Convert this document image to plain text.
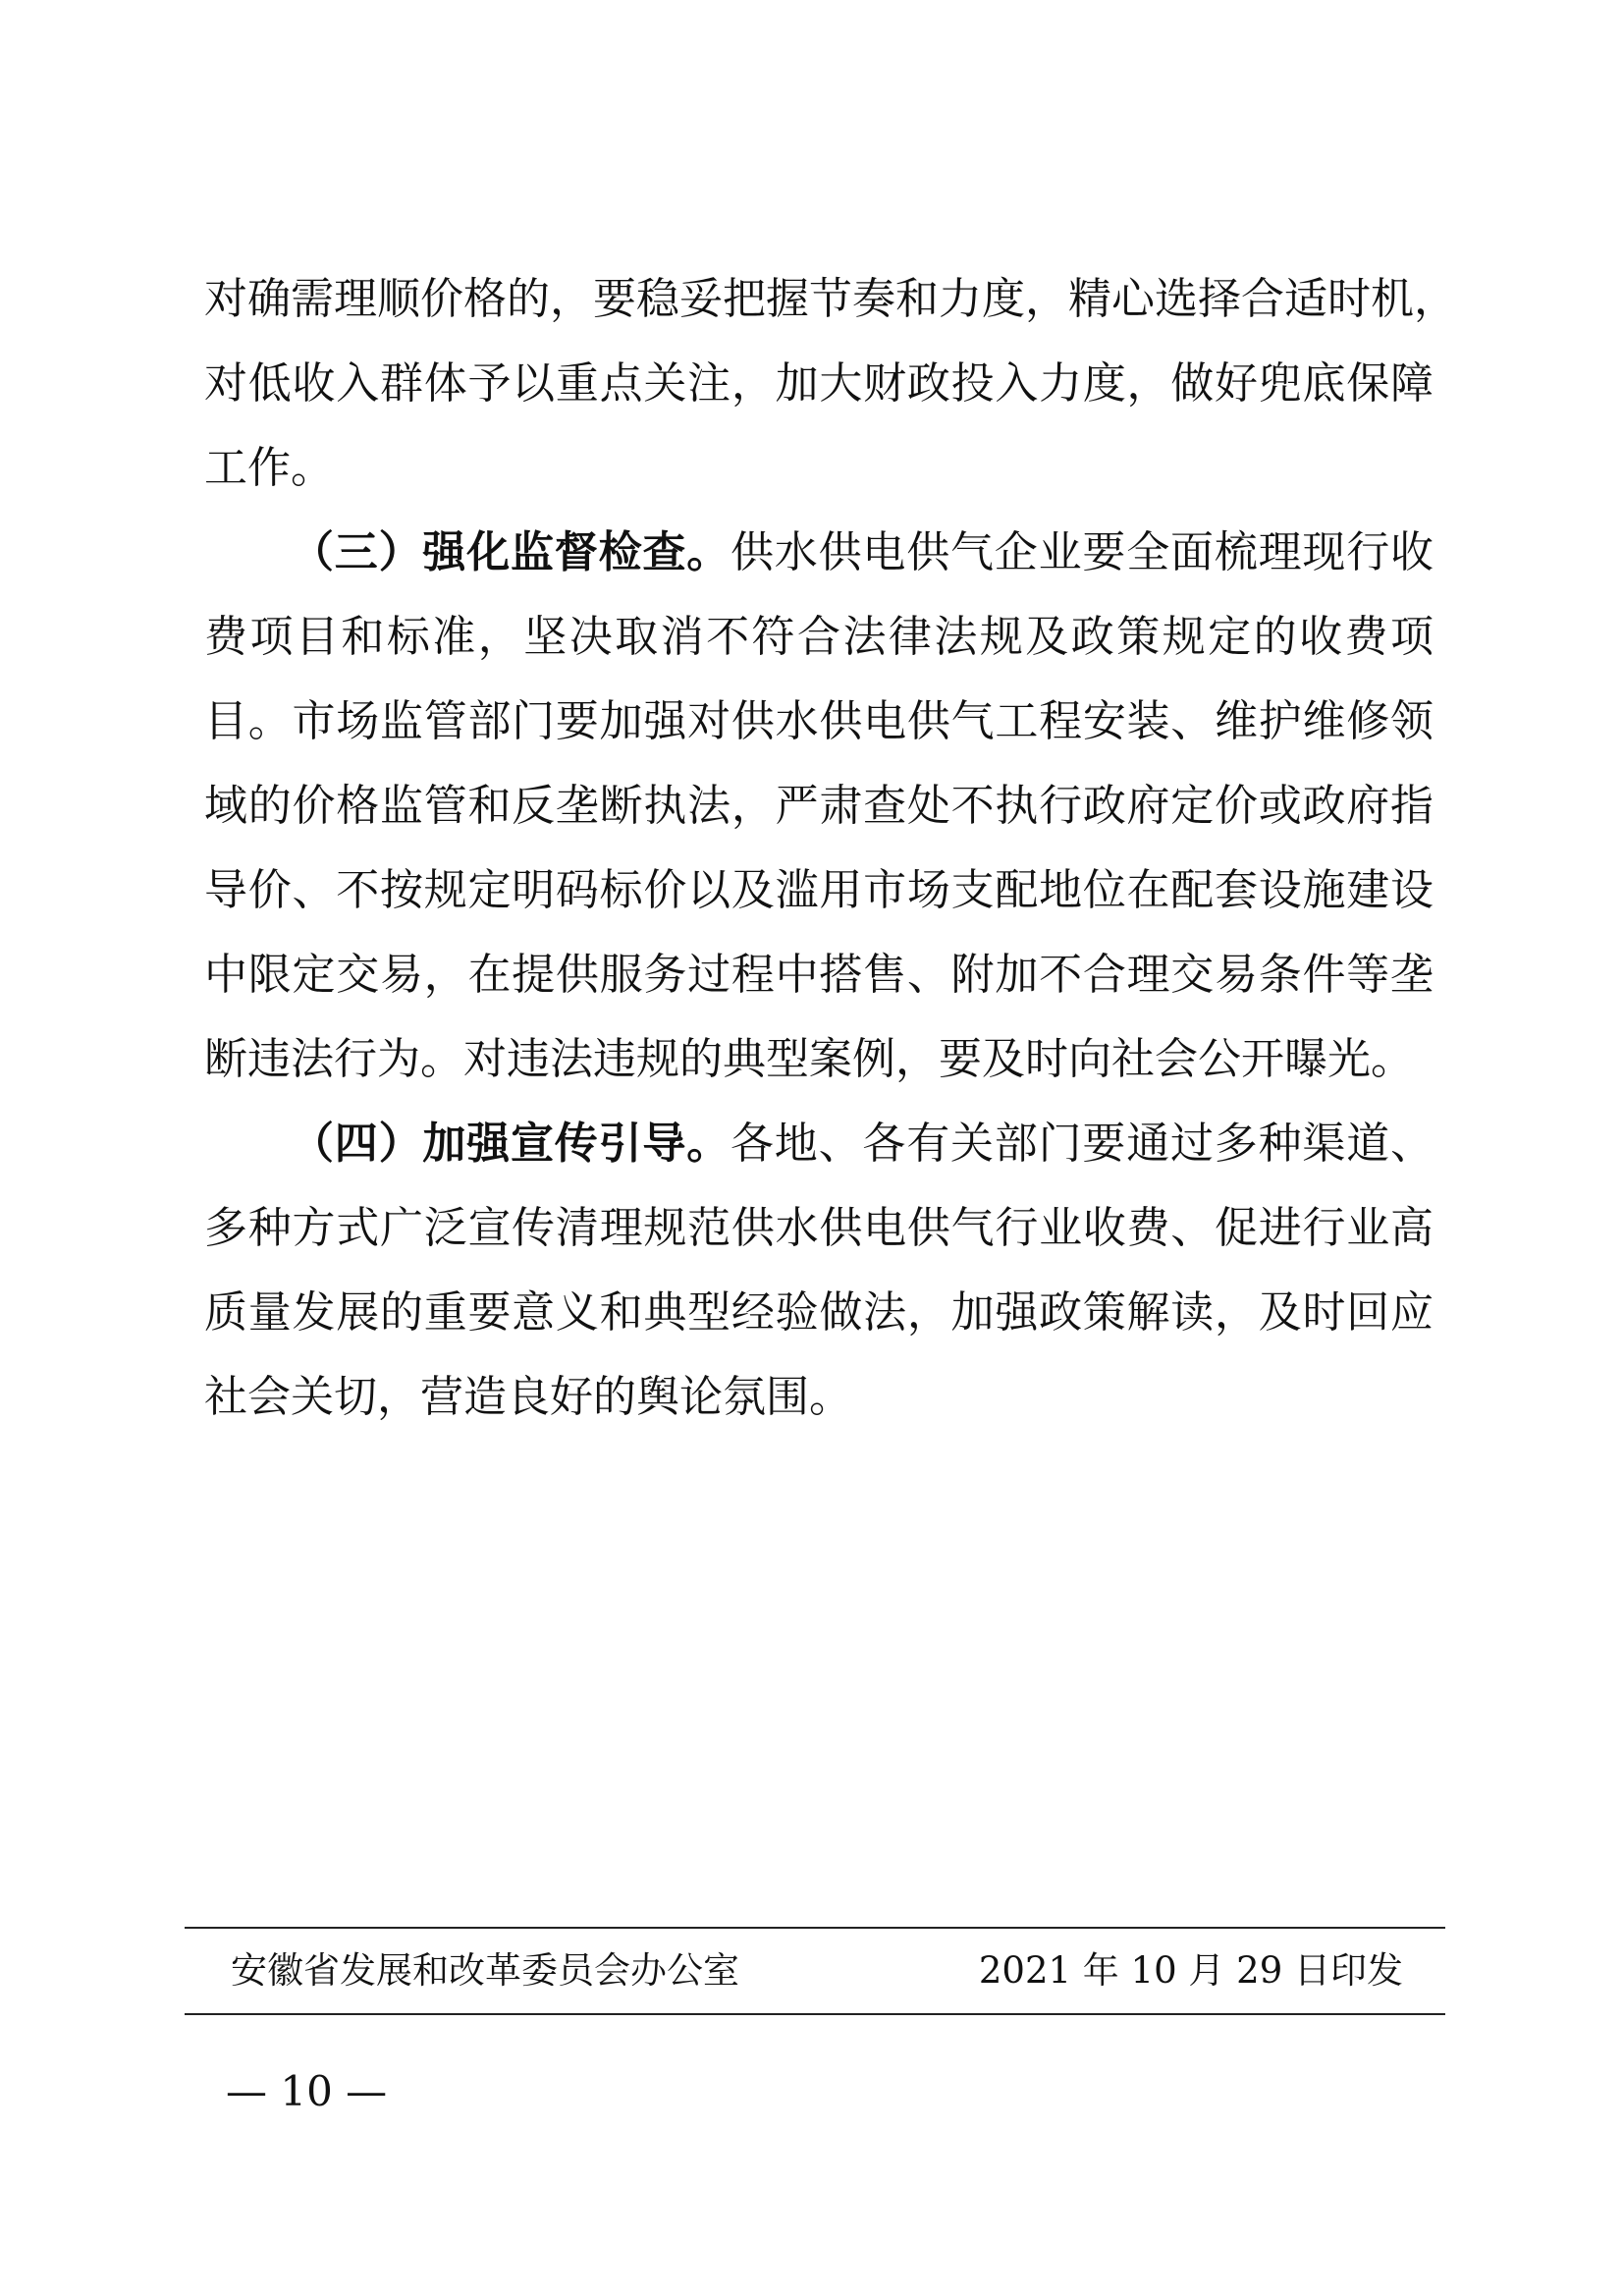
对确需理顺价格的，要稳妥把握节奏和力度，精心选择合适时机，
对低收入群体予以重点关注，加大财政投入力度，做好兜底保障
工作。
（三）强化监督检查。供水供电供气企业要全面梳理现行收
费项目和标准，坚决取消不符合法律法规及政策规定的收费项
目。市场监管部门要加强对供水供电供气工程安装、维护维修领
域的价格监管和反垄断执法，严肃查处不执行政府定价或政府指
导价、不按规定明码标价以及滥用市场支配地位在配套设施建设
中限定交易，在提供服务过程中搭售、附加不合理交易条件等垄
断违法行为。对违法违规的典型案例，要及时向社会公开曝光。
（四）加强宣传引导。各地、各有关部门要通过多种渠道、
多种方式广泛宣传清理规范供水供电供气行业收费、促进行业高
质量发展的重要意义和典型经验做法，加强政策解读，及时回应
社会关切，营造良好的舆论氛围。
安徽省发展和改革委员会办公室	2021 年 10 月 29 日印发
— 10 —
